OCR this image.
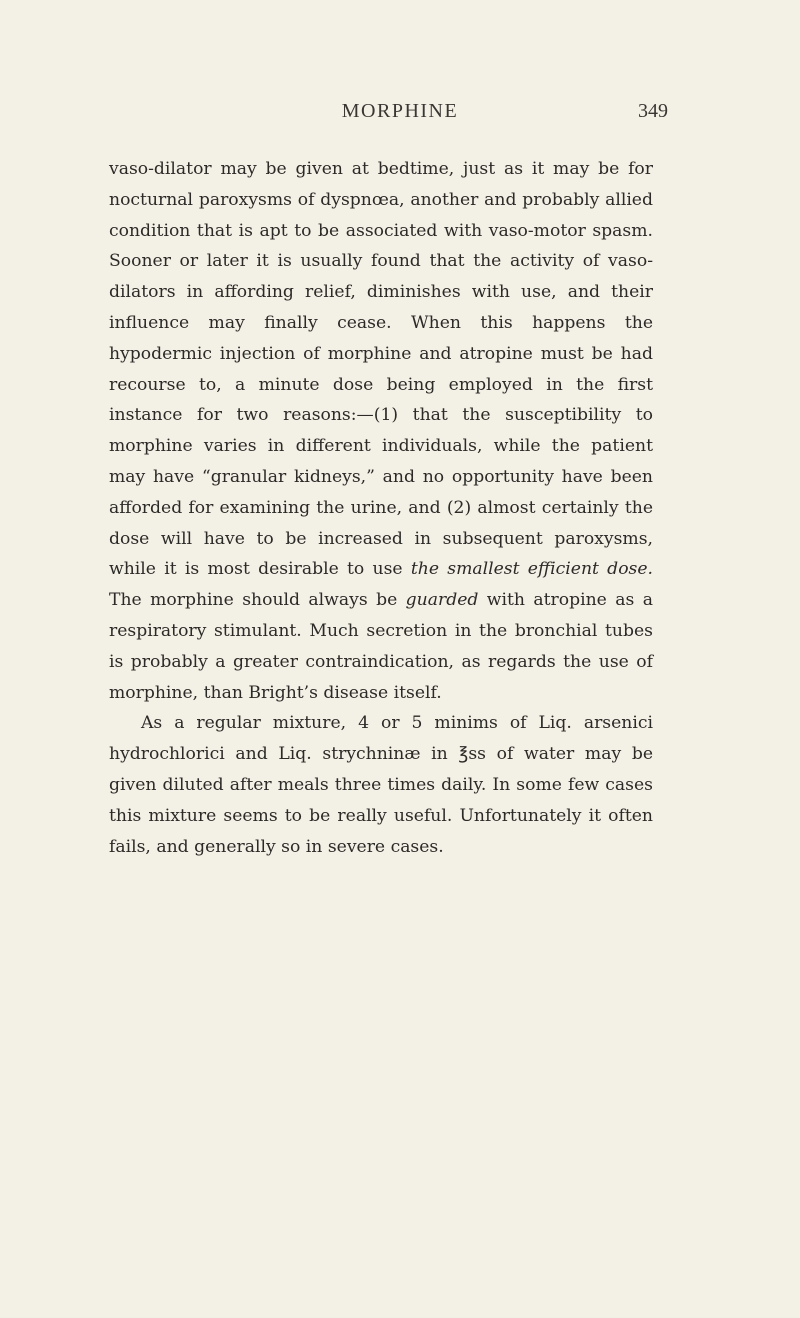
MORPHINE	349

vaso-dilator may be given at bedtime, just as it may be for nocturnal paroxysms of dyspnœa, another and probably allied condition that is apt to be associated with vaso-motor spasm. Sooner or later it is usually found that the activity of vasodilators in affording relief, diminishes with use, and their influence may finally cease. When this happens the hypodermic injection of morphine and atropine must be had recourse to, a minute dose being employed in the first instance for two reasons:—(1) that the susceptibility to morphine varies in different individuals, while the patient may have “granular kidneys,” and no opportunity have been afforded for examining the urine, and (2) almost certainly the dose will have to be increased in subsequent paroxysms, while it is most desirable to use the smallest efficient dose. The morphine should always be guarded with atropine as a respiratory stimulant. Much secretion in the bronchial tubes is probably a greater contraindication, as regards the use of morphine, than Bright’s disease itself.

As a regular mixture, 4 or 5 minims of Liq. arsenici hydrochlorici and Liq. strychninæ in ℥ss of water may be given diluted after meals three times daily. In some few cases this mixture seems to be really useful. Unfortunately it often fails, and generally so in severe cases.
